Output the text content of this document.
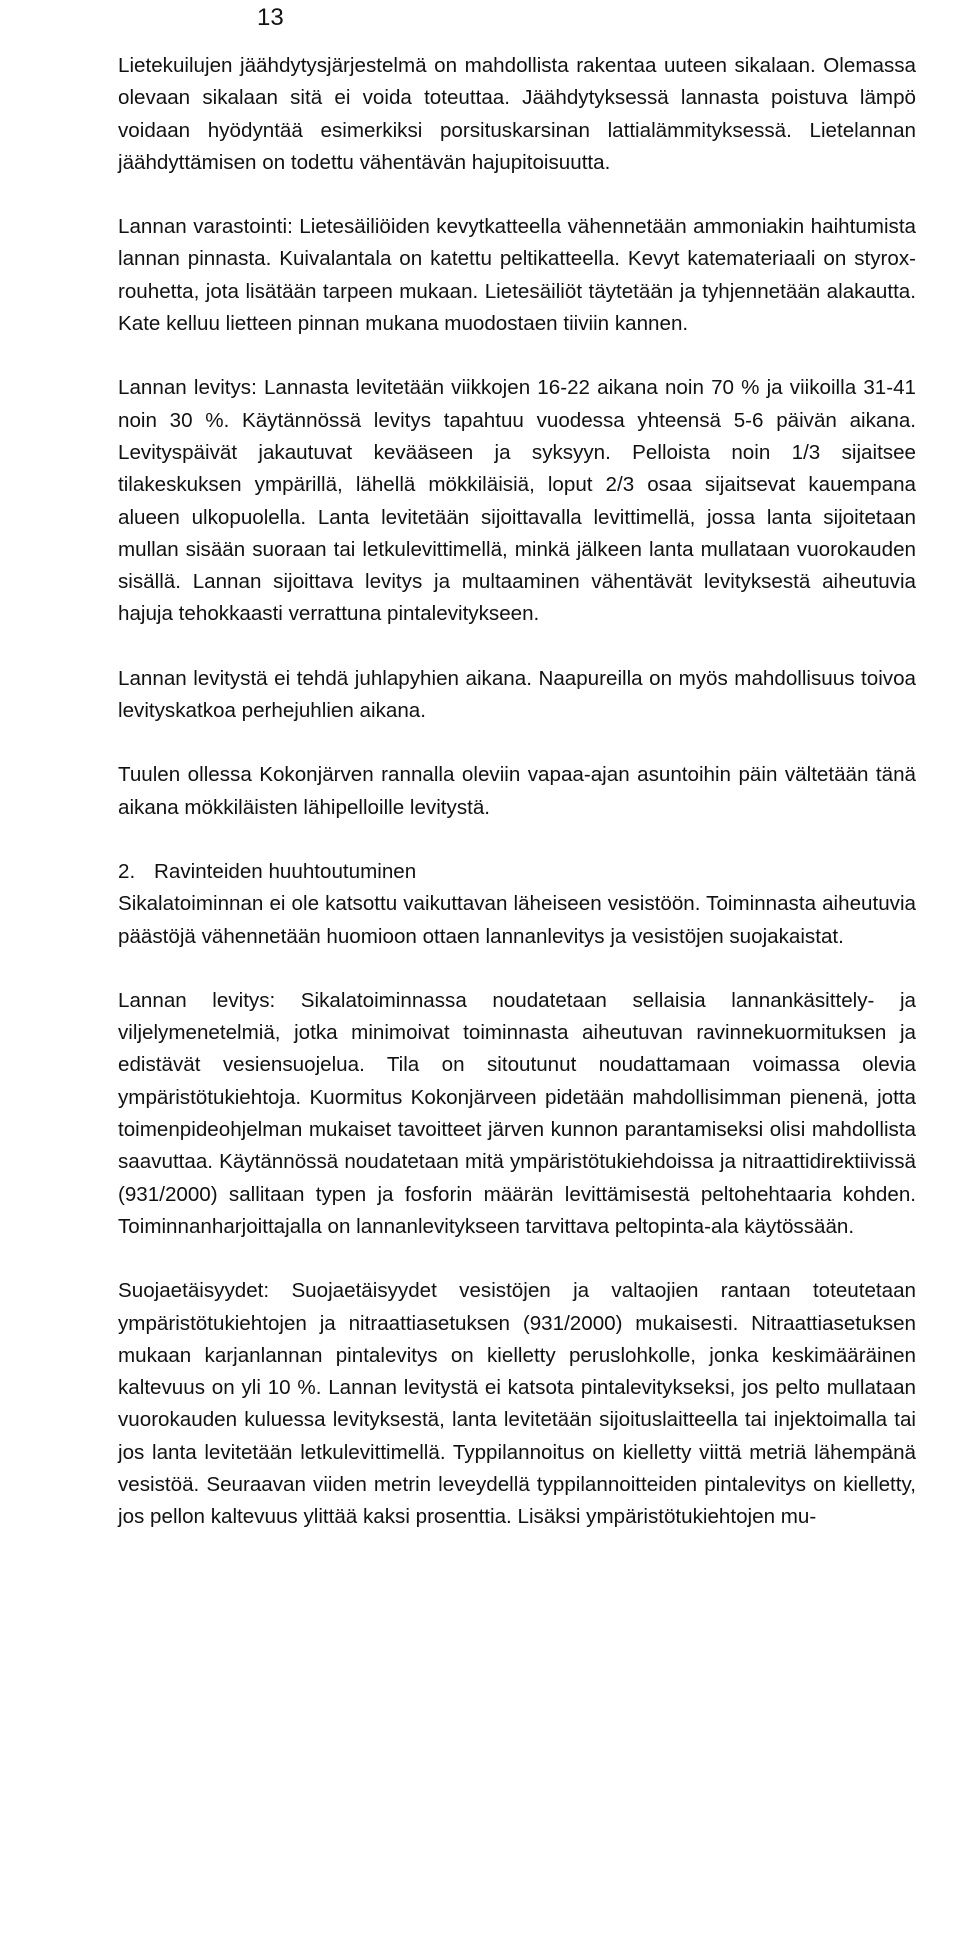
13

Lietekuilujen jäähdytysjärjestelmä on mahdollista rakentaa uuteen sikalaan. Olemassa olevaan sikalaan sitä ei voida toteuttaa. Jäähdytyksessä lannasta poistuva lämpö voidaan hyödyntää esimerkiksi porsituskarsinan lattialämmityksessä. Lietelannan jäähdyttämisen on todettu vähentävän hajupitoisuutta.

Lannan varastointi: Lietesäiliöiden kevytkatteella vähennetään ammoniakin haihtumista lannan pinnasta. Kuivalantala on katettu peltikatteella. Kevyt katemateriaali on styrox-rouhetta, jota lisätään tarpeen mukaan. Lietesäiliöt täytetään ja tyhjennetään alakautta. Kate kelluu lietteen pinnan mukana muodostaen tiiviin kannen.

Lannan levitys: Lannasta levitetään viikkojen 16-22 aikana noin 70 % ja viikoilla 31-41 noin 30 %. Käytännössä levitys tapahtuu vuodessa yhteensä 5-6 päivän aikana. Levityspäivät jakautuvat kevääseen ja syksyyn. Pelloista noin 1/3 sijaitsee tilakeskuksen ympärillä, lähellä mökkiläisiä, loput 2/3 osaa sijaitsevat kauempana alueen ulkopuolella. Lanta levitetään sijoittavalla levittimellä, jossa lanta sijoitetaan mullan sisään suoraan tai letkulevittimellä, minkä jälkeen lanta mullataan vuorokauden sisällä. Lannan sijoittava levitys ja multaaminen vähentävät levityksestä aiheutuvia hajuja tehokkaasti verrattuna pintalevitykseen.

Lannan levitystä ei tehdä juhlapyhien aikana. Naapureilla on myös mahdollisuus toivoa levityskatkoa perhejuhlien aikana.

Tuulen ollessa Kokonjärven rannalla oleviin vapaa-ajan asuntoihin päin vältetään tänä aikana mökkiläisten lähipelloille levitystä.

2. Ravinteiden huuhtoutuminen

Sikalatoiminnan ei ole katsottu vaikuttavan läheiseen vesistöön. Toiminnasta aiheutuvia päästöjä vähennetään huomioon ottaen lannanlevitys ja vesistöjen suojakaistat.

Lannan levitys: Sikalatoiminnassa noudatetaan sellaisia lannankäsittely- ja viljelymenetelmiä, jotka minimoivat toiminnasta aiheutuvan ravinnekuormituksen ja edistävät vesiensuojelua. Tila on sitoutunut noudattamaan voimassa olevia ympäristötukiehtoja. Kuormitus Kokonjärveen pidetään mahdollisimman pienenä, jotta toimenpideohjelman mukaiset tavoitteet järven kunnon parantamiseksi olisi mahdollista saavuttaa. Käytännössä noudatetaan mitä ympäristötukiehdoissa ja nitraattidirektiivissä (931/2000) sallitaan typen ja fosforin määrän levittämisestä peltohehtaaria kohden. Toiminnanharjoittajalla on lannanlevitykseen tarvittava peltopinta-ala käytössään.

Suojaetäisyydet: Suojaetäisyydet vesistöjen ja valtaojien rantaan toteutetaan ympäristötukiehtojen ja nitraattiasetuksen (931/2000) mukaisesti. Nitraattiasetuksen mukaan karjanlannan pintalevitys on kielletty peruslohkolle, jonka keskimääräinen kaltevuus on yli 10 %. Lannan levitystä ei katsota pintalevitykseksi, jos pelto mullataan vuorokauden kuluessa levityksestä, lanta levitetään sijoituslaitteella tai injektoimalla tai jos lanta levitetään letkulevittimellä. Typpilannoitus on kielletty viittä metriä lähempänä vesistöä. Seuraavan viiden metrin leveydellä typpilannoitteiden pintalevitys on kielletty, jos pellon kaltevuus ylittää kaksi prosenttia. Lisäksi ympäristötukiehtojen mu-
